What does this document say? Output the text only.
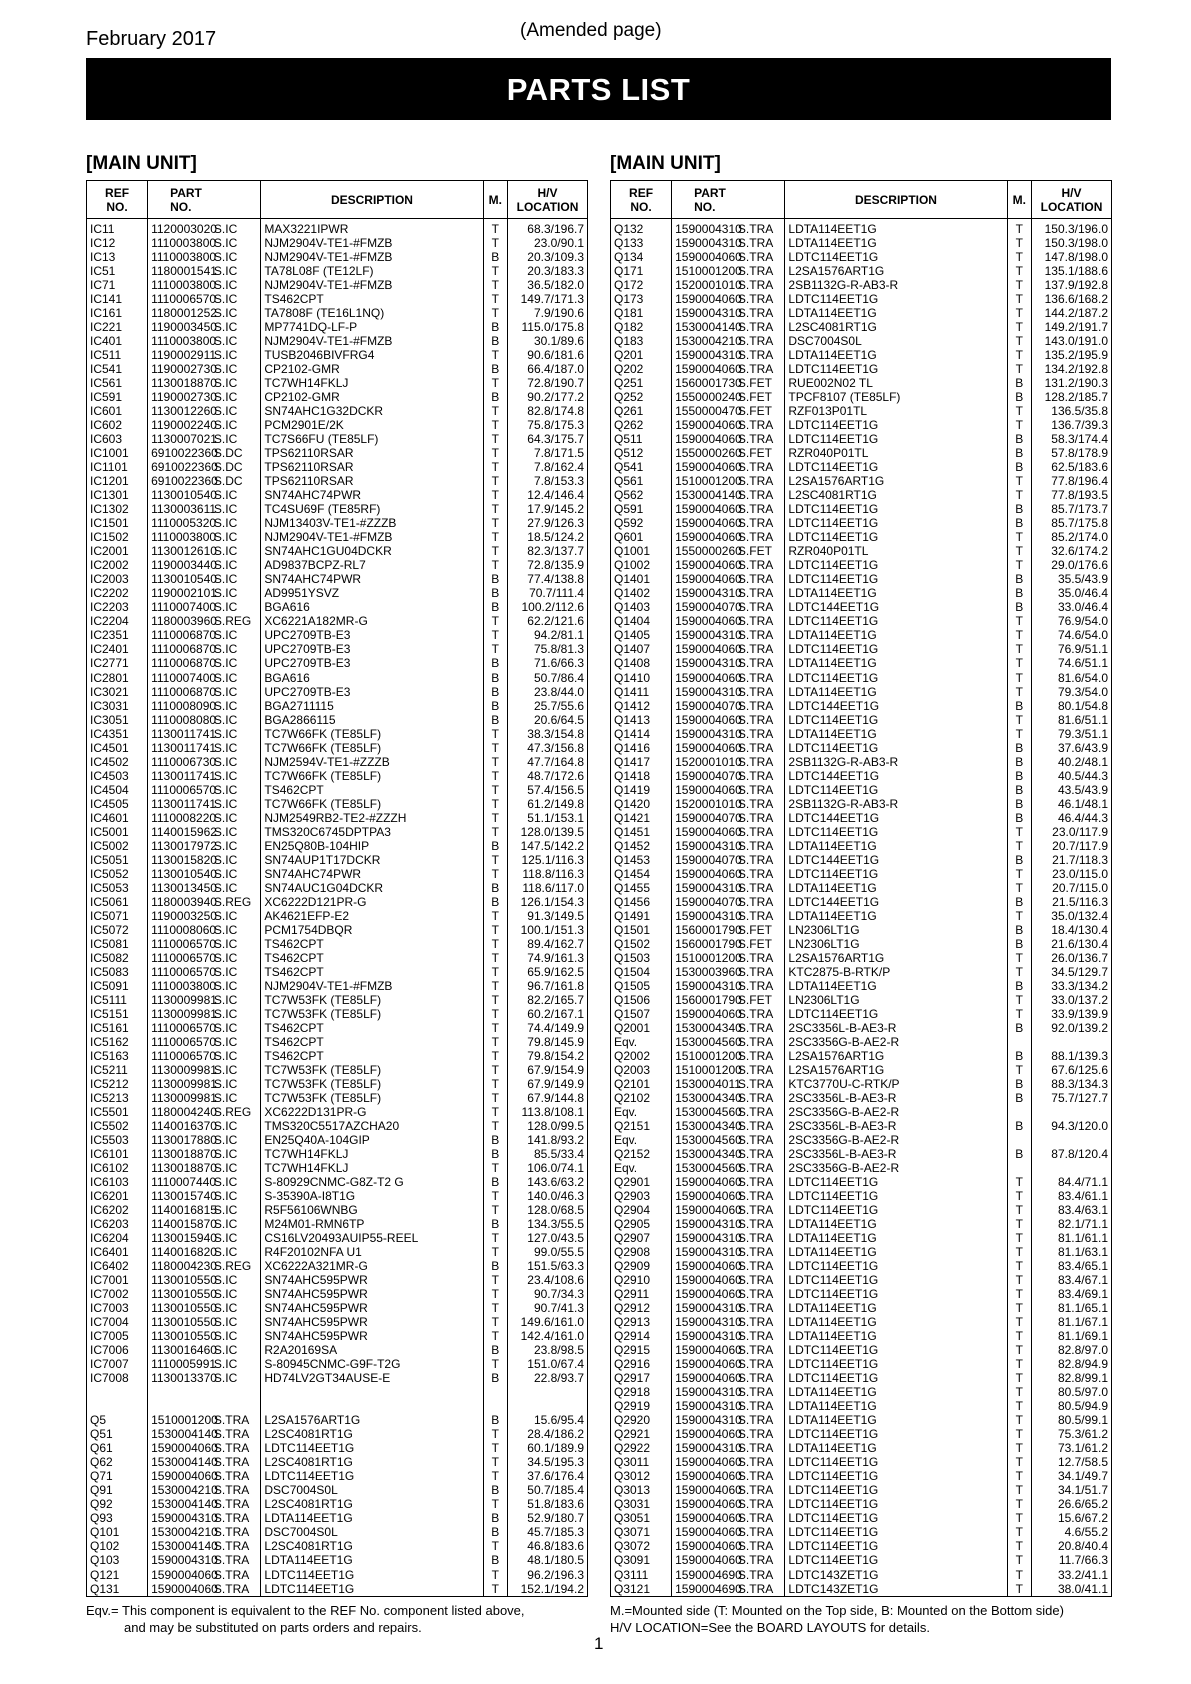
February 2017	(Amended page)
PARTS LIST
[MAIN UNIT]	[MAIN UNIT]
REF
NO.	PART
NO.		DESCRIPTION	M.	H/V
LOCATION
IC11	1120003020	S.IC	MAX3221IPWR	T	68.3/196.7
IC12	1110003800	S.IC	NJM2904V-TE1-#FMZB	T	23.0/90.1
IC13	1110003800	S.IC	NJM2904V-TE1-#FMZB	B	20.3/109.3
IC51	1180001541	S.IC	TA78L08F (TE12LF)	T	20.3/183.3
IC71	1110003800	S.IC	NJM2904V-TE1-#FMZB	T	36.5/182.0
IC141	1110006570	S.IC	TS462CPT	T	149.7/171.3
IC161	1180001252	S.IC	TA7808F (TE16L1NQ)	T	7.9/190.6
IC221	1190003450	S.IC	MP7741DQ-LF-P	B	115.0/175.8
IC401	1110003800	S.IC	NJM2904V-TE1-#FMZB	B	30.1/89.6
IC511	1190002911	S.IC	TUSB2046BIVFRG4	T	90.6/181.6
IC541	1190002730	S.IC	CP2102-GMR	B	66.4/187.0
IC561	1130018870	S.IC	TC7WH14FKLJ	T	72.8/190.7
IC591	1190002730	S.IC	CP2102-GMR	B	90.2/177.2
IC601	1130012260	S.IC	SN74AHC1G32DCKR	T	82.8/174.8
IC602	1190002240	S.IC	PCM2901E/2K	T	75.8/175.3
IC603	1130007021	S.IC	TC7S66FU (TE85LF)	T	64.3/175.7
IC1001	6910022360	S.DC	TPS62110RSAR	T	7.8/171.5
IC1101	6910022360	S.DC	TPS62110RSAR	T	7.8/162.4
IC1201	6910022360	S.DC	TPS62110RSAR	T	7.8/153.3
IC1301	1130010540	S.IC	SN74AHC74PWR	T	12.4/146.4
IC1302	1130003611	S.IC	TC4SU69F (TE85RF)	T	17.9/145.2
IC1501	1110005320	S.IC	NJM13403V-TE1-#ZZZB	T	27.9/126.3
IC1502	1110003800	S.IC	NJM2904V-TE1-#FMZB	T	18.5/124.2
IC2001	1130012610	S.IC	SN74AHC1GU04DCKR	T	82.3/137.7
IC2002	1190003440	S.IC	AD9837BCPZ-RL7	T	72.8/135.9
IC2003	1130010540	S.IC	SN74AHC74PWR	B	77.4/138.8
IC2202	1190002101	S.IC	AD9951YSVZ	B	70.7/111.4
IC2203	1110007400	S.IC	BGA616	B	100.2/112.6
IC2204	1180003960	S.REG	XC6221A182MR-G	T	62.2/121.6
IC2351	1110006870	S.IC	UPC2709TB-E3	T	94.2/81.1
IC2401	1110006870	S.IC	UPC2709TB-E3	T	75.8/81.3
IC2771	1110006870	S.IC	UPC2709TB-E3	B	71.6/66.3
IC2801	1110007400	S.IC	BGA616	B	50.7/86.4
IC3021	1110006870	S.IC	UPC2709TB-E3	B	23.8/44.0
IC3031	1110008090	S.IC	BGA2711115	B	25.7/55.6
IC3051	1110008080	S.IC	BGA2866115	B	20.6/64.5
IC4351	1130011741	S.IC	TC7W66FK (TE85LF)	T	38.3/154.8
IC4501	1130011741	S.IC	TC7W66FK (TE85LF)	T	47.3/156.8
IC4502	1110006730	S.IC	NJM2594V-TE1-#ZZZB	T	47.7/164.8
IC4503	1130011741	S.IC	TC7W66FK (TE85LF)	T	48.7/172.6
IC4504	1110006570	S.IC	TS462CPT	T	57.4/156.5
IC4505	1130011741	S.IC	TC7W66FK (TE85LF)	T	61.2/149.8
IC4601	1110008220	S.IC	NJM2549RB2-TE2-#ZZZH	T	51.1/153.1
IC5001	1140015962	S.IC	TMS320C6745DPTPA3	T	128.0/139.5
IC5002	1130017972	S.IC	EN25Q80B-104HIP	B	147.5/142.2
IC5051	1130015820	S.IC	SN74AUP1T17DCKR	T	125.1/116.3
IC5052	1130010540	S.IC	SN74AHC74PWR	T	118.8/116.3
IC5053	1130013450	S.IC	SN74AUC1G04DCKR	B	118.6/117.0
IC5061	1180003940	S.REG	XC6222D121PR-G	B	126.1/154.3
IC5071	1190003250	S.IC	AK4621EFP-E2	T	91.3/149.5
IC5072	1110008060	S.IC	PCM1754DBQR	T	100.1/151.3
IC5081	1110006570	S.IC	TS462CPT	T	89.4/162.7
IC5082	1110006570	S.IC	TS462CPT	T	74.9/161.3
IC5083	1110006570	S.IC	TS462CPT	T	65.9/162.5
IC5091	1110003800	S.IC	NJM2904V-TE1-#FMZB	T	96.7/161.8
IC5111	1130009981	S.IC	TC7W53FK (TE85LF)	T	82.2/165.7
IC5151	1130009981	S.IC	TC7W53FK (TE85LF)	T	60.2/167.1
IC5161	1110006570	S.IC	TS462CPT	T	74.4/149.9
IC5162	1110006570	S.IC	TS462CPT	T	79.8/145.9
IC5163	1110006570	S.IC	TS462CPT	T	79.8/154.2
IC5211	1130009981	S.IC	TC7W53FK (TE85LF)	T	67.9/154.9
IC5212	1130009981	S.IC	TC7W53FK (TE85LF)	T	67.9/149.9
IC5213	1130009981	S.IC	TC7W53FK (TE85LF)	T	67.9/144.8
IC5501	1180004240	S.REG	XC6222D131PR-G	T	113.8/108.1
IC5502	1140016370	S.IC	TMS320C5517AZCHA20	T	128.0/99.5
IC5503	1130017880	S.IC	EN25Q40A-104GIP	B	141.8/93.2
IC6101	1130018870	S.IC	TC7WH14FKLJ	B	85.5/33.4
IC6102	1130018870	S.IC	TC7WH14FKLJ	T	106.0/74.1
IC6103	1110007440	S.IC	S-80929CNMC-G8Z-T2 G	B	143.6/63.2
IC6201	1130015740	S.IC	S-35390A-I8T1G	T	140.0/46.3
IC6202	1140016815	S.IC	R5F56106WNBG	T	128.0/68.5
IC6203	1140015870	S.IC	M24M01-RMN6TP	B	134.3/55.5
IC6204	1130015940	S.IC	CS16LV20493AUIP55-REEL	T	127.0/43.5
IC6401	1140016820	S.IC	R4F20102NFA U1	T	99.0/55.5
IC6402	1180004230	S.REG	XC6222A321MR-G	B	151.5/63.3
IC7001	1130010550	S.IC	SN74AHC595PWR	T	23.4/108.6
IC7002	1130010550	S.IC	SN74AHC595PWR	T	90.7/34.3
IC7003	1130010550	S.IC	SN74AHC595PWR	T	90.7/41.3
IC7004	1130010550	S.IC	SN74AHC595PWR	T	149.6/161.0
IC7005	1130010550	S.IC	SN74AHC595PWR	T	142.4/161.0
IC7006	1130016460	S.IC	R2A20169SA	B	23.8/98.5
IC7007	1110005991	S.IC	S-80945CNMC-G9F-T2G	T	151.0/67.4
IC7008	1130013370	S.IC	HD74LV2GT34AUSE-E	B	22.8/93.7

Q5	1510001200	S.TRA	L2SA1576ART1G	B	15.6/95.4
Q51	1530004140	S.TRA	L2SC4081RT1G	T	28.4/186.2
Q61	1590004060	S.TRA	LDTC114EET1G	T	60.1/189.9
Q62	1530004140	S.TRA	L2SC4081RT1G	T	34.5/195.3
Q71	1590004060	S.TRA	LDTC114EET1G	T	37.6/176.4
Q91	1530004210	S.TRA	DSC7004S0L	B	50.7/185.4
Q92	1530004140	S.TRA	L2SC4081RT1G	T	51.8/183.6
Q93	1590004310	S.TRA	LDTA114EET1G	B	52.9/180.7
Q101	1530004210	S.TRA	DSC7004S0L	B	45.7/185.3
Q102	1530004140	S.TRA	L2SC4081RT1G	T	46.8/183.6
Q103	1590004310	S.TRA	LDTA114EET1G	B	48.1/180.5
Q121	1590004060	S.TRA	LDTC114EET1G	T	96.2/196.3
Q131	1590004060	S.TRA	LDTC114EET1G	T	152.1/194.2
REF
NO.	PART
NO.		DESCRIPTION	M.	H/V
LOCATION
Q132	1590004310	S.TRA	LDTA114EET1G	T	150.3/196.0
Q133	1590004310	S.TRA	LDTA114EET1G	T	150.3/198.0
Q134	1590004060	S.TRA	LDTC114EET1G	T	147.8/198.0
Q171	1510001200	S.TRA	L2SA1576ART1G	T	135.1/188.6
Q172	1520001010	S.TRA	2SB1132G-R-AB3-R	T	137.9/192.8
Q173	1590004060	S.TRA	LDTC114EET1G	T	136.6/168.2
Q181	1590004310	S.TRA	LDTA114EET1G	T	144.2/187.2
Q182	1530004140	S.TRA	L2SC4081RT1G	T	149.2/191.7
Q183	1530004210	S.TRA	DSC7004S0L	T	143.0/191.0
Q201	1590004310	S.TRA	LDTA114EET1G	T	135.2/195.9
Q202	1590004060	S.TRA	LDTC114EET1G	T	134.2/192.8
Q251	1560001730	S.FET	RUE002N02 TL	B	131.2/190.3
Q252	1550000240	S.FET	TPCF8107 (TE85LF)	B	128.2/185.7
Q261	1550000470	S.FET	RZF013P01TL	T	136.5/35.8
Q262	1590004060	S.TRA	LDTC114EET1G	T	136.7/39.3
Q511	1590004060	S.TRA	LDTC114EET1G	B	58.3/174.4
Q512	1550000260	S.FET	RZR040P01TL	B	57.8/178.9
Q541	1590004060	S.TRA	LDTC114EET1G	B	62.5/183.6
Q561	1510001200	S.TRA	L2SA1576ART1G	T	77.8/196.4
Q562	1530004140	S.TRA	L2SC4081RT1G	T	77.8/193.5
Q591	1590004060	S.TRA	LDTC114EET1G	B	85.7/173.7
Q592	1590004060	S.TRA	LDTC114EET1G	B	85.7/175.8
Q601	1590004060	S.TRA	LDTC114EET1G	T	85.2/174.0
Q1001	1550000260	S.FET	RZR040P01TL	T	32.6/174.2
Q1002	1590004060	S.TRA	LDTC114EET1G	T	29.0/176.6
Q1401	1590004060	S.TRA	LDTC114EET1G	B	35.5/43.9
Q1402	1590004310	S.TRA	LDTA114EET1G	B	35.0/46.4
Q1403	1590004070	S.TRA	LDTC144EET1G	B	33.0/46.4
Q1404	1590004060	S.TRA	LDTC114EET1G	T	76.9/54.0
Q1405	1590004310	S.TRA	LDTA114EET1G	T	74.6/54.0
Q1407	1590004060	S.TRA	LDTC114EET1G	T	76.9/51.1
Q1408	1590004310	S.TRA	LDTA114EET1G	T	74.6/51.1
Q1410	1590004060	S.TRA	LDTC114EET1G	T	81.6/54.0
Q1411	1590004310	S.TRA	LDTA114EET1G	T	79.3/54.0
Q1412	1590004070	S.TRA	LDTC144EET1G	B	80.1/54.8
Q1413	1590004060	S.TRA	LDTC114EET1G	T	81.6/51.1
Q1414	1590004310	S.TRA	LDTA114EET1G	T	79.3/51.1
Q1416	1590004060	S.TRA	LDTC114EET1G	B	37.6/43.9
Q1417	1520001010	S.TRA	2SB1132G-R-AB3-R	B	40.2/48.1
Q1418	1590004070	S.TRA	LDTC144EET1G	B	40.5/44.3
Q1419	1590004060	S.TRA	LDTC114EET1G	B	43.5/43.9
Q1420	1520001010	S.TRA	2SB1132G-R-AB3-R	B	46.1/48.1
Q1421	1590004070	S.TRA	LDTC144EET1G	B	46.4/44.3
Q1451	1590004060	S.TRA	LDTC114EET1G	T	23.0/117.9
Q1452	1590004310	S.TRA	LDTA114EET1G	T	20.7/117.9
Q1453	1590004070	S.TRA	LDTC144EET1G	B	21.7/118.3
Q1454	1590004060	S.TRA	LDTC114EET1G	T	23.0/115.0
Q1455	1590004310	S.TRA	LDTA114EET1G	T	20.7/115.0
Q1456	1590004070	S.TRA	LDTC144EET1G	B	21.5/116.3
Q1491	1590004310	S.TRA	LDTA114EET1G	T	35.0/132.4
Q1501	1560001790	S.FET	LN2306LT1G	B	18.4/130.4
Q1502	1560001790	S.FET	LN2306LT1G	B	21.6/130.4
Q1503	1510001200	S.TRA	L2SA1576ART1G	T	26.0/136.7
Q1504	1530003960	S.TRA	KTC2875-B-RTK/P	T	34.5/129.7
Q1505	1590004310	S.TRA	LDTA114EET1G	B	33.3/134.2
Q1506	1560001790	S.FET	LN2306LT1G	T	33.0/137.2
Q1507	1590004060	S.TRA	LDTC114EET1G	T	33.9/139.9
Q2001	1530004340	S.TRA	2SC3356L-B-AE3-R	B	92.0/139.2
Eqv.	1530004560	S.TRA	2SC3356G-B-AE2-R		
Q2002	1510001200	S.TRA	L2SA1576ART1G	B	88.1/139.3
Q2003	1510001200	S.TRA	L2SA1576ART1G	T	67.6/125.6
Q2101	1530004011	S.TRA	KTC3770U-C-RTK/P	B	88.3/134.3
Q2102	1530004340	S.TRA	2SC3356L-B-AE3-R	B	75.7/127.7
Eqv.	1530004560	S.TRA	2SC3356G-B-AE2-R		
Q2151	1530004340	S.TRA	2SC3356L-B-AE3-R	B	94.3/120.0
Eqv.	1530004560	S.TRA	2SC3356G-B-AE2-R		
Q2152	1530004340	S.TRA	2SC3356L-B-AE3-R	B	87.8/120.4
Eqv.	1530004560	S.TRA	2SC3356G-B-AE2-R		
Q2901	1590004060	S.TRA	LDTC114EET1G	T	84.4/71.1
Q2903	1590004060	S.TRA	LDTC114EET1G	T	83.4/61.1
Q2904	1590004060	S.TRA	LDTC114EET1G	T	83.4/63.1
Q2905	1590004310	S.TRA	LDTA114EET1G	T	82.1/71.1
Q2907	1590004310	S.TRA	LDTA114EET1G	T	81.1/61.1
Q2908	1590004310	S.TRA	LDTA114EET1G	T	81.1/63.1
Q2909	1590004060	S.TRA	LDTC114EET1G	T	83.4/65.1
Q2910	1590004060	S.TRA	LDTC114EET1G	T	83.4/67.1
Q2911	1590004060	S.TRA	LDTC114EET1G	T	83.4/69.1
Q2912	1590004310	S.TRA	LDTA114EET1G	T	81.1/65.1
Q2913	1590004310	S.TRA	LDTA114EET1G	T	81.1/67.1
Q2914	1590004310	S.TRA	LDTA114EET1G	T	81.1/69.1
Q2915	1590004060	S.TRA	LDTC114EET1G	T	82.8/97.0
Q2916	1590004060	S.TRA	LDTC114EET1G	T	82.8/94.9
Q2917	1590004060	S.TRA	LDTC114EET1G	T	82.8/99.1
Q2918	1590004310	S.TRA	LDTA114EET1G	T	80.5/97.0
Q2919	1590004310	S.TRA	LDTA114EET1G	T	80.5/94.9
Q2920	1590004310	S.TRA	LDTA114EET1G	T	80.5/99.1
Q2921	1590004060	S.TRA	LDTC114EET1G	T	75.3/61.2
Q2922	1590004310	S.TRA	LDTA114EET1G	T	73.1/61.2
Q3011	1590004060	S.TRA	LDTC114EET1G	T	12.7/58.5
Q3012	1590004060	S.TRA	LDTC114EET1G	T	34.1/49.7
Q3013	1590004060	S.TRA	LDTC114EET1G	T	34.1/51.7
Q3031	1590004060	S.TRA	LDTC114EET1G	T	26.6/65.2
Q3051	1590004060	S.TRA	LDTC114EET1G	T	15.6/67.2
Q3071	1590004060	S.TRA	LDTC114EET1G	T	4.6/55.2
Q3072	1590004060	S.TRA	LDTC114EET1G	T	20.8/40.4
Q3091	1590004060	S.TRA	LDTC114EET1G	T	11.7/66.3
Q3111	1590004690	S.TRA	LDTC143ZET1G	T	33.2/41.1
Q3121	1590004690	S.TRA	LDTC143ZET1G	T	38.0/41.1
Eqv.= This component is equivalent to the REF No. component listed above,
and may be substituted on parts orders and repairs.
M.=Mounted side (T: Mounted on the Top side, B: Mounted on the Bottom side)
H/V LOCATION=See the BOARD LAYOUTS for details.
1
